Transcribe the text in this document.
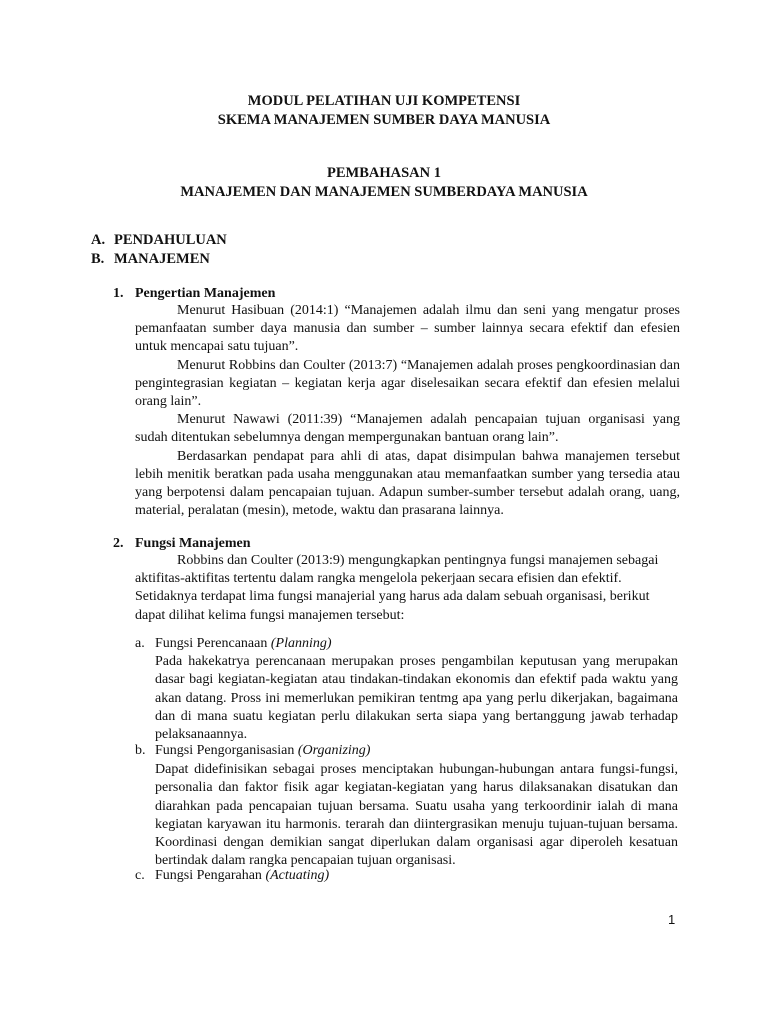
MODUL PELATIHAN UJI KOMPETENSI
SKEMA MANAJEMEN SUMBER DAYA MANUSIA
PEMBAHASAN 1
MANAJEMEN DAN MANAJEMEN SUMBERDAYA MANUSIA
A. PENDAHULUAN
B. MANAJEMEN
1. Pengertian Manajemen

Menurut Hasibuan (2014:1) “Manajemen adalah ilmu dan seni yang mengatur proses pemanfaatan sumber daya manusia dan sumber – sumber lainnya secara efektif dan efesien untuk mencapai satu tujuan”.

Menurut Robbins dan Coulter (2013:7) “Manajemen adalah proses pengkoordinasian dan pengintegrasian kegiatan – kegiatan kerja agar diselesaikan secara efektif dan efesien melalui orang lain”.

Menurut Nawawi (2011:39) “Manajemen adalah pencapaian tujuan organisasi yang sudah ditentukan sebelumnya dengan mempergunakan bantuan orang lain”.

Berdasarkan pendapat para ahli di atas, dapat disimpulan bahwa manajemen tersebut lebih menitik beratkan pada usaha menggunakan atau memanfaatkan sumber yang tersedia atau yang berpotensi dalam pencapaian tujuan. Adapun sumber-sumber tersebut adalah orang, uang, material, peralatan (mesin), metode, waktu dan prasarana lainnya.

2. Fungsi Manajemen

Robbins dan Coulter (2013:9) mengungkapkan pentingnya fungsi manajemen sebagai aktifitas-aktifitas tertentu dalam rangka mengelola pekerjaan secara efisien dan efektif. Setidaknya terdapat lima fungsi manajerial yang harus ada dalam sebuah organisasi, berikut dapat dilihat kelima fungsi manajemen tersebut:

a. Fungsi Perencanaan (Planning)

Pada hakekatrya perencanaan merupakan proses pengambilan keputusan yang merupakan dasar bagi kegiatan-kegiatan atau tindakan-tindakan ekonomis dan efektif pada waktu yang akan datang. Pross ini memerlukan pemikiran tentmg apa yang perlu dikerjakan, bagaimana dan di mana suatu kegiatan perlu dilakukan serta siapa yang bertanggung jawab terhadap pelaksanaannya.

b. Fungsi Pengorganisasian (Organizing)

Dapat didefinisikan sebagai proses menciptakan hubungan-hubungan antara fungsi-fungsi, personalia dan faktor fisik agar kegiatan-kegiatan yang harus dilaksanakan disatukan dan diarahkan pada pencapaian tujuan bersama. Suatu usaha yang terkoordinir ialah di mana kegiatan karyawan itu harmonis. terarah dan diintergrasikan menuju tujuan-tujuan bersama. Koordinasi dengan demikian sangat diperlukan dalam organisasi agar diperoleh kesatuan bertindak dalam rangka pencapaian tujuan organisasi.

c. Fungsi Pengarahan (Actuating)
1
